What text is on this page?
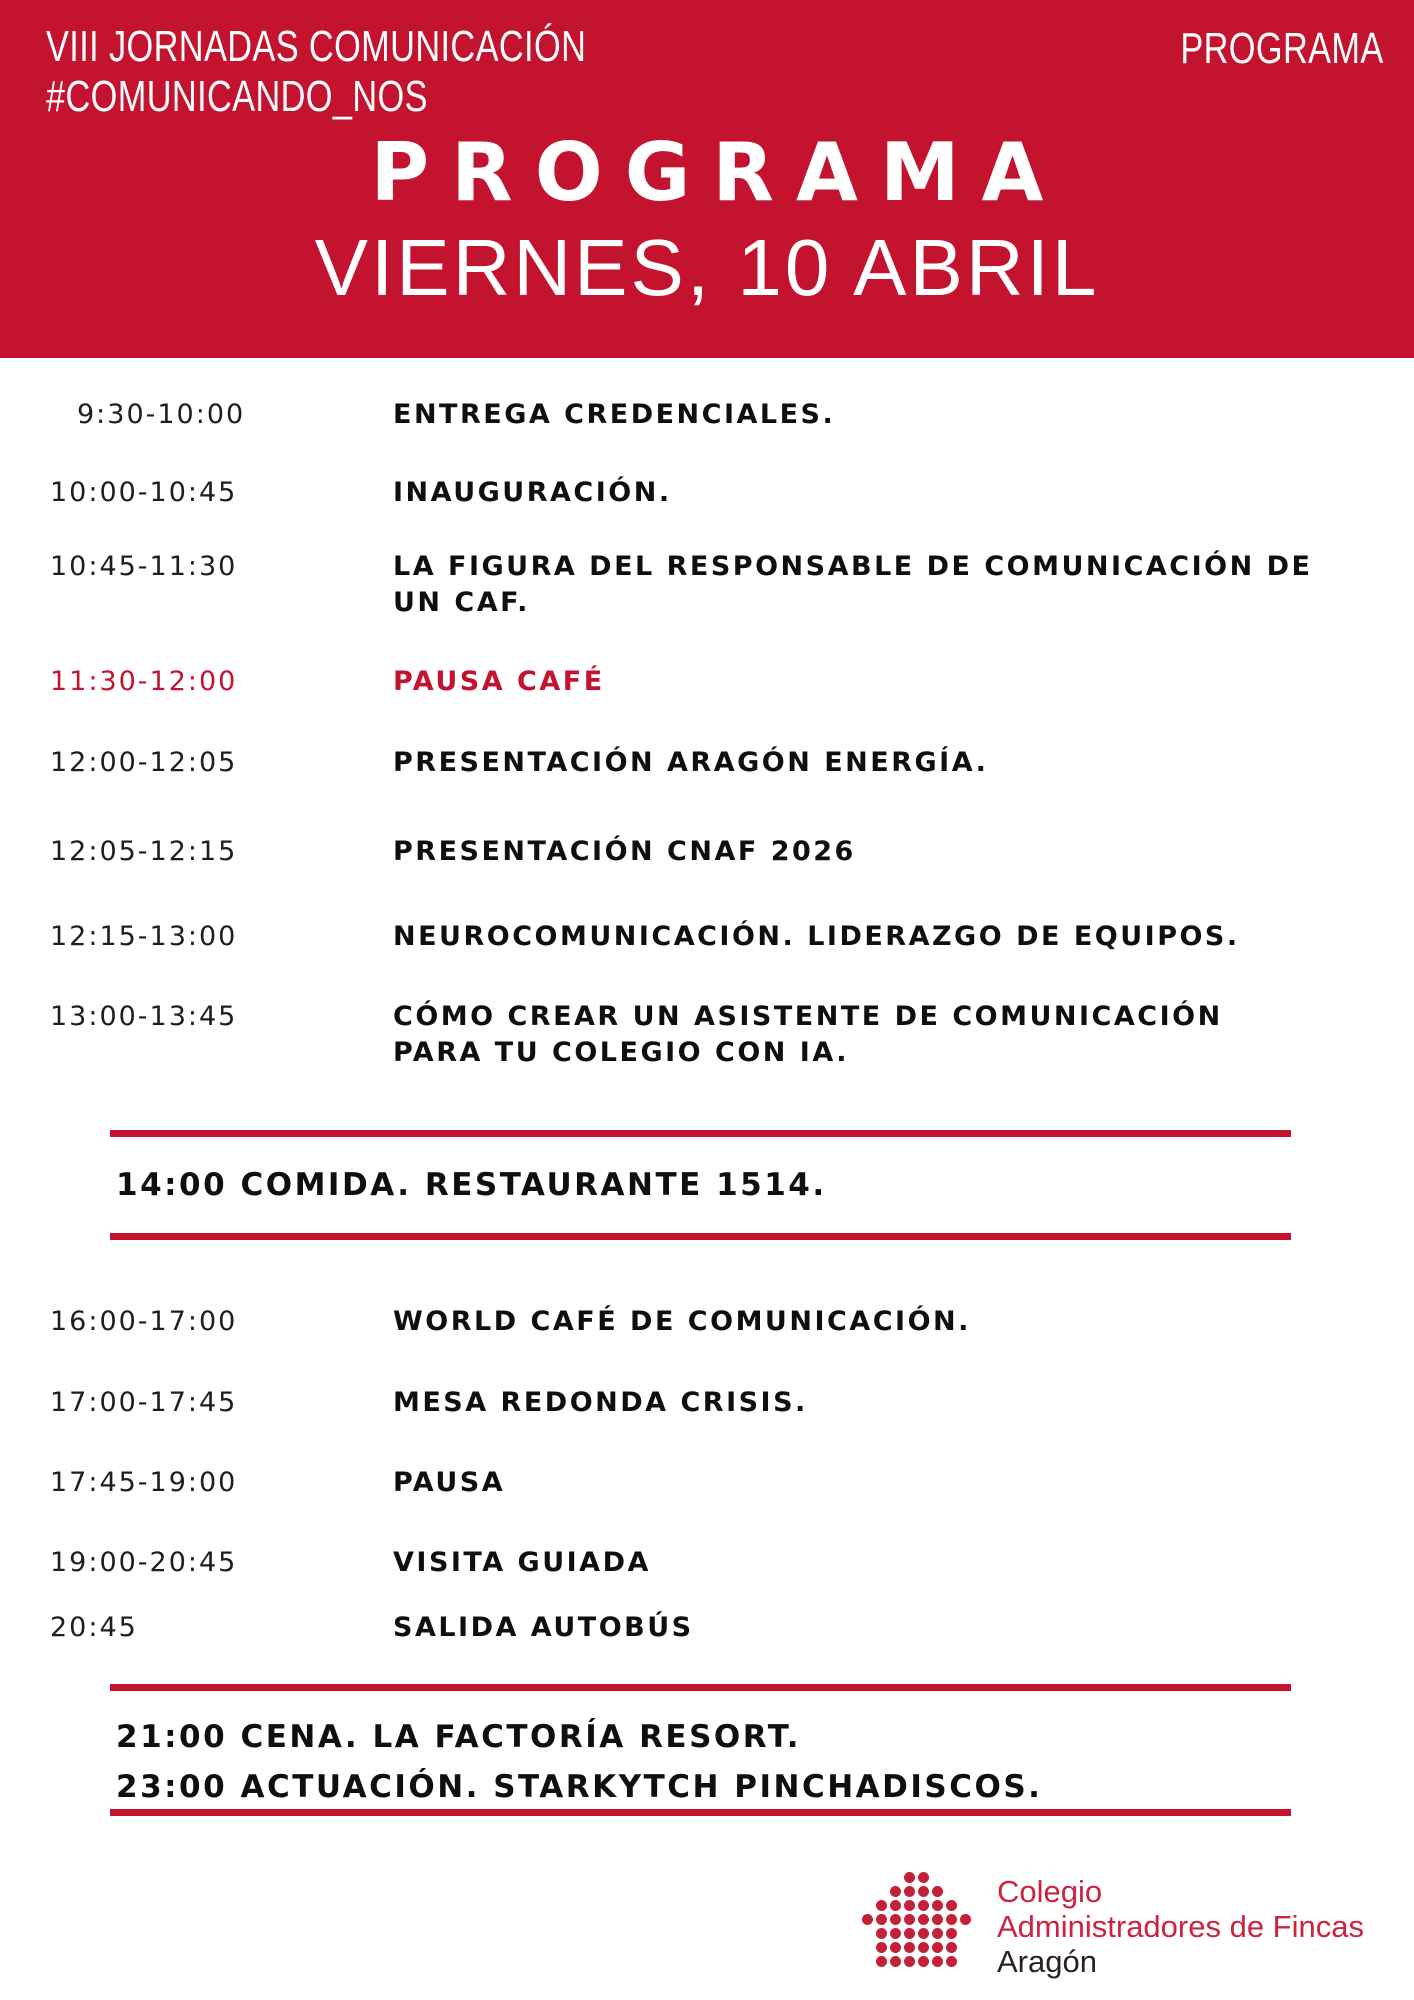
VIII JORNADAS COMUNICACIÓN
#COMUNICANDO_NOS
PROGRAMA
PROGRAMA
VIERNES, 10 ABRIL
9:30-10:00	ENTREGA CREDENCIALES.
10:00-10:45	INAUGURACIÓN.
10:45-11:30	LA FIGURA DEL RESPONSABLE DE COMUNICACIÓN DE
UN CAF.
11:30-12:00	PAUSA CAFÉ
12:00-12:05	PRESENTACIÓN ARAGÓN ENERGÍA.
12:05-12:15	PRESENTACIÓN CNAF 2026
12:15-13:00	NEUROCOMUNICACIÓN. LIDERAZGO DE EQUIPOS.
13:00-13:45	CÓMO CREAR UN ASISTENTE DE COMUNICACIÓN
PARA TU COLEGIO CON IA.
16:00-17:00	WORLD CAFÉ DE COMUNICACIÓN.
17:00-17:45	MESA REDONDA CRISIS.
17:45-19:00	PAUSA
19:00-20:45	VISITA GUIADA
20:45	SALIDA AUTOBÚS
14:00 COMIDA. RESTAURANTE 1514.
21:00 CENA. LA FACTORÍA RESORT.
23:00 ACTUACIÓN. STARKYTCH PINCHADISCOS.
Colegio
Administradores de Fincas
Aragón
